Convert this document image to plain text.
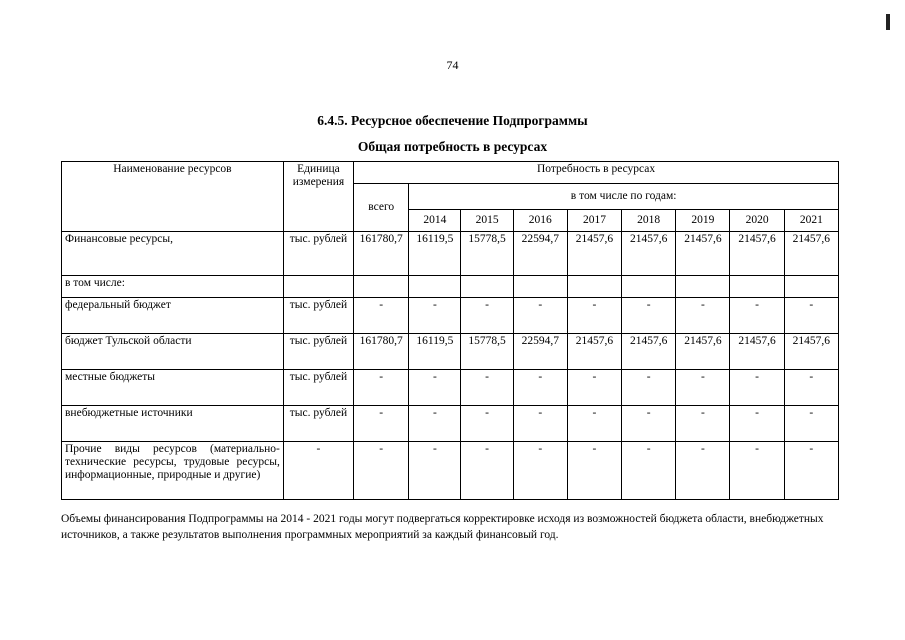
74
6.4.5. Ресурсное обеспечение Подпрограммы
Общая потребность в ресурсах
Наименование ресурсов	Единица измерения	Потребность в ресурсах								
		всего	в том числе по годам:							
			2014	2015	2016	2017	2018	2019	2020	2021
Финансовые ресурсы,	тыс. рублей	161780,7	16119,5	15778,5	22594,7	21457,6	21457,6	21457,6	21457,6	21457,6
в том числе:										
федеральный бюджет	тыс. рублей	-	-	-	-	-	-	-	-	-
бюджет Тульской области	тыс. рублей	161780,7	16119,5	15778,5	22594,7	21457,6	21457,6	21457,6	21457,6	21457,6
местные бюджеты	тыс. рублей	-	-	-	-	-	-	-	-	-
внебюджетные источники	тыс. рублей	-	-	-	-	-	-	-	-	-
Прочие виды ресурсов (материально-технические ресурсы, трудовые ресурсы, информационные, природные и другие)	-	-	-	-	-	-	-	-	-	-
Объемы финансирования Подпрограммы на 2014 - 2021 годы могут подвергаться корректировке исходя из возможностей бюджета области, внебюджетных источников, а также результатов выполнения программных мероприятий за каждый финансовый год.
